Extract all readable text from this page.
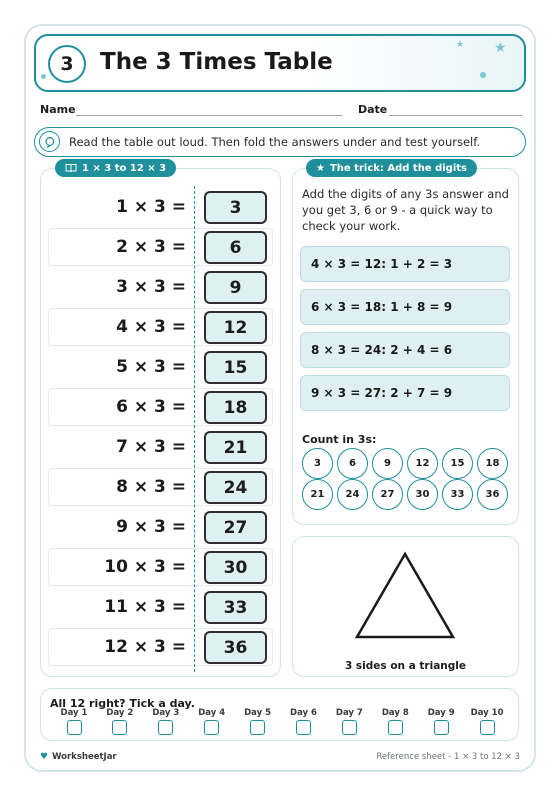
3	The 3 Times Table
★ ★
Name	Date
Read the table out loud. Then fold the answers under and test yourself.
1 × 3 to 12 × 3
1 × 3 =	3
2 × 3 =	6
3 × 3 =	9
4 × 3 =	12
5 × 3 =	15
6 × 3 =	18
7 × 3 =	21
8 × 3 =	24
9 × 3 =	27
10 × 3 =	30
11 × 3 =	33
12 × 3 =	36
★ The trick: Add the digits
Add the digits of any 3s answer and you get 3, 6 or 9 - a quick way to check your work.
4 × 3 = 12: 1 + 2 = 3
6 × 3 = 18: 1 + 8 = 9
8 × 3 = 24: 2 + 4 = 6
9 × 3 = 27: 2 + 7 = 9
Count in 3s:
3	6	9	12	15	18
21	24	27	30	33	36
3 sides on a triangle
All 12 right? Tick a day.
Day 1	Day 2	Day 3	Day 4	Day 5	Day 6	Day 7	Day 8	Day 9	Day 10
♥ WorksheetJar	Reference sheet - 1 × 3 to 12 × 3
